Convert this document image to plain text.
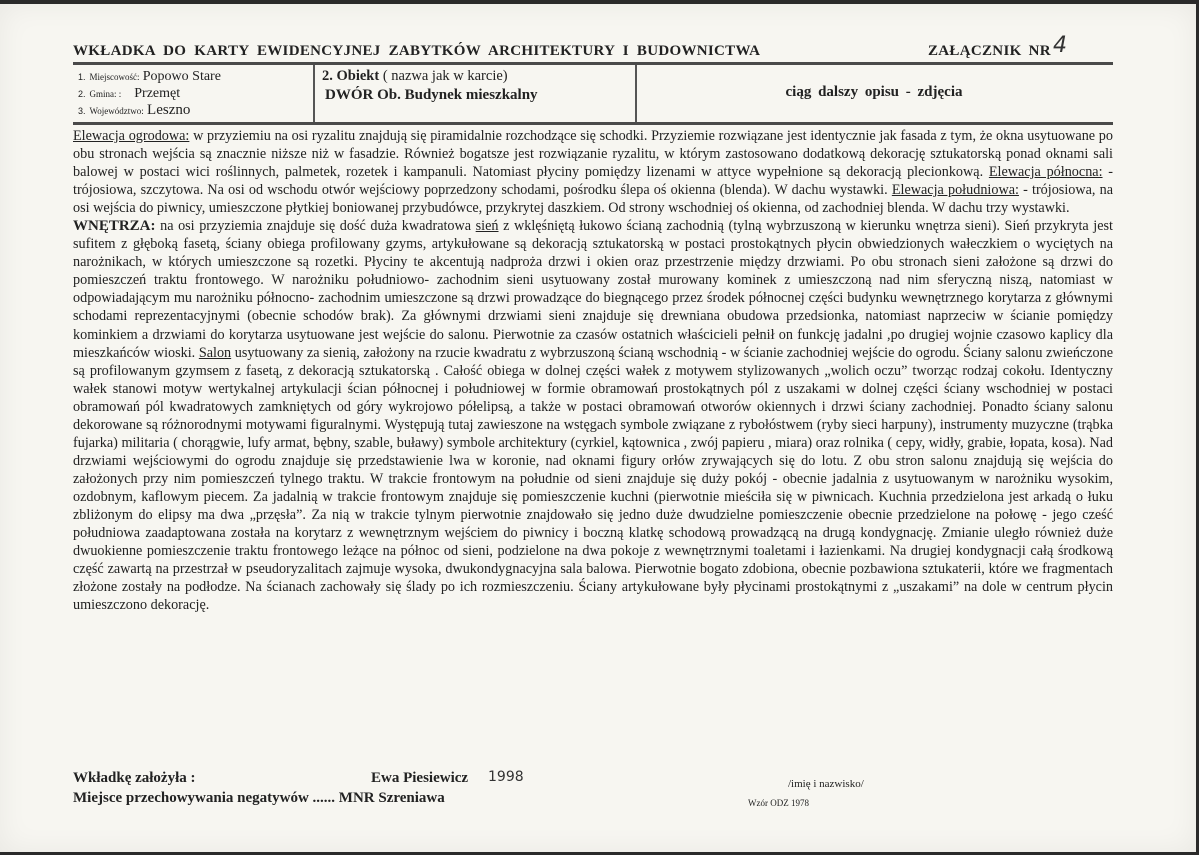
WKŁADKA DO KARTY EWIDENCYJNEJ ZABYTKÓW ARCHITEKTURY I BUDOWNICTWA	ZAŁĄCZNIK NR 4
1. Miejscowość: Popowo Stare
2. Gmina: : Przemęt
3. Województwo: Leszno
2. Obiekt ( nazwa jak w karcie)
DWÓR Ob. Budynek mieszkalny	ciąg dalszy opisu - zdjęcia

Elewacja ogrodowa: w przyziemiu na osi ryzalitu znajdują się piramidalnie rozchodzące się schodki. Przyziemie rozwiązane jest identycznie jak fasada z tym, że okna usytuowane po obu stronach wejścia są znacznie niższe niż w fasadzie. Również bogatsze jest rozwiązanie ryzalitu, w którym zastosowano dodatkową dekorację sztukatorską ponad oknami sali balowej w postaci wici roślinnych, palmetek, rozetek i kampanuli. Natomiast płyciny pomiędzy lizenami w attyce wypełnione są dekoracją plecionkową. Elewacja północna: - trójosiowa, szczytowa. Na osi od wschodu otwór wejściowy poprzedzony schodami, pośrodku ślepa oś okienna (blenda). W dachu wystawki. Elewacja południowa: - trójosiowa, na osi wejścia do piwnicy, umieszczone płytkiej boniowanej przybudówce, przykrytej daszkiem. Od strony wschodniej oś okienna, od zachodniej blenda. W dachu trzy wystawki.

WNĘTRZA: na osi przyziemia znajduje się dość duża kwadratowa sień z wklęśniętą łukowo ścianą zachodnią (tylną wybrzuszoną w kierunku wnętrza sieni). Sień przykryta jest sufitem z głęboką fasetą, ściany obiega profilowany gzyms, artykułowane są dekoracją sztukatorską w postaci prostokątnych płycin obwiedzionych wałeczkiem o wyciętych na narożnikach, w których umieszczone są rozetki. Płyciny te akcentują nadproża drzwi i okien oraz przestrzenie między drzwiami. Po obu stronach sieni założone są drzwi do pomieszczeń traktu frontowego. W narożniku południowo- zachodnim sieni usytuowany został murowany kominek z umieszczoną nad nim sferyczną niszą, natomiast w odpowiadającym mu narożniku północno- zachodnim umieszczone są drzwi prowadzące do biegnącego przez środek północnej części budynku wewnętrznego korytarza z głównymi schodami reprezentacyjnymi (obecnie schodów brak). Za głównymi drzwiami sieni znajduje się drewniana obudowa przedsionka, natomiast naprzeciw w ścianie pomiędzy kominkiem a drzwiami do korytarza usytuowane jest wejście do salonu. Pierwotnie za czasów ostatnich właścicieli pełnił on funkcję jadalni ,po drugiej wojnie czasowo kaplicy dla mieszkańców wioski. Salon usytuowany za sienią, założony na rzucie kwadratu z wybrzuszoną ścianą wschodnią - w ścianie zachodniej wejście do ogrodu. Ściany salonu zwieńczone są profilowanym gzymsem z fasetą, z dekoracją sztukatorską . Całość obiega w dolnej części wałek z motywem stylizowanych „wolich oczu” tworząc rodzaj cokołu. Identyczny wałek stanowi motyw wertykalnej artykulacji ścian północnej i południowej w formie obramowań prostokątnych pól z uszakami w dolnej części ściany wschodniej w postaci obramowań pól kwadratowych zamkniętych od góry wykrojowo półelipsą, a także w postaci obramowań otworów okiennych i drzwi ściany zachodniej. Ponadto ściany salonu dekorowane są różnorodnymi motywami figuralnymi. Występują tutaj zawieszone na wstęgach symbole związane z rybołóstwem (ryby sieci harpuny), instrumenty muzyczne (trąbka fujarka) militaria ( chorągwie, lufy armat, bębny, szable, buławy) symbole architektury (cyrkiel, kątownica , zwój papieru , miara) oraz rolnika ( cepy, widły, grabie, łopata, kosa). Nad drzwiami wejściowymi do ogrodu znajduje się przedstawienie lwa w koronie, nad oknami figury orłów zrywających się do lotu. Z obu stron salonu znajdują się wejścia do założonych przy nim pomieszczeń tylnego traktu. W trakcie frontowym na południe od sieni znajduje się duży pokój - obecnie jadalnia z usytuowanym w narożniku wysokim, ozdobnym, kaflowym piecem. Za jadalnią w trakcie frontowym znajduje się pomieszczenie kuchni (pierwotnie mieściła się w piwnicach. Kuchnia przedzielona jest arkadą o łuku zbliżonym do elipsy ma dwa „przęsła”. Za nią w trakcie tylnym pierwotnie znajdowało się jedno duże dwudzielne pomieszczenie obecnie przedzielone na połowę - jego cześć południowa zaadaptowana została na korytarz z wewnętrznym wejściem do piwnicy i boczną klatkę schodową prowadzącą na drugą kondygnację. Zmianie uległo również duże dwuokienne pomieszczenie traktu frontowego leżące na północ od sieni, podzielone na dwa pokoje z wewnętrznymi toaletami i łazienkami. Na drugiej kondygnacji całą środkową część zawartą na przestrzał w pseudoryzalitach zajmuje wysoka, dwukondygnacyjna sala balowa. Pierwotnie bogato zdobiona, obecnie pozbawiona sztukaterii, które we fragmentach złożone zostały na podłodze. Na ścianach zachowały się ślady po ich rozmieszczeniu. Ściany artykułowane były płycinami prostokątnymi z „uszakami” na dole w centrum płycin umieszczono dekorację.

Wkładkę założyła :	Ewa Piesiewicz 1998
Miejsce przechowywania negatywów ...... MNR Szreniawa
/imię i nazwisko/
Wzór ODZ 1978
